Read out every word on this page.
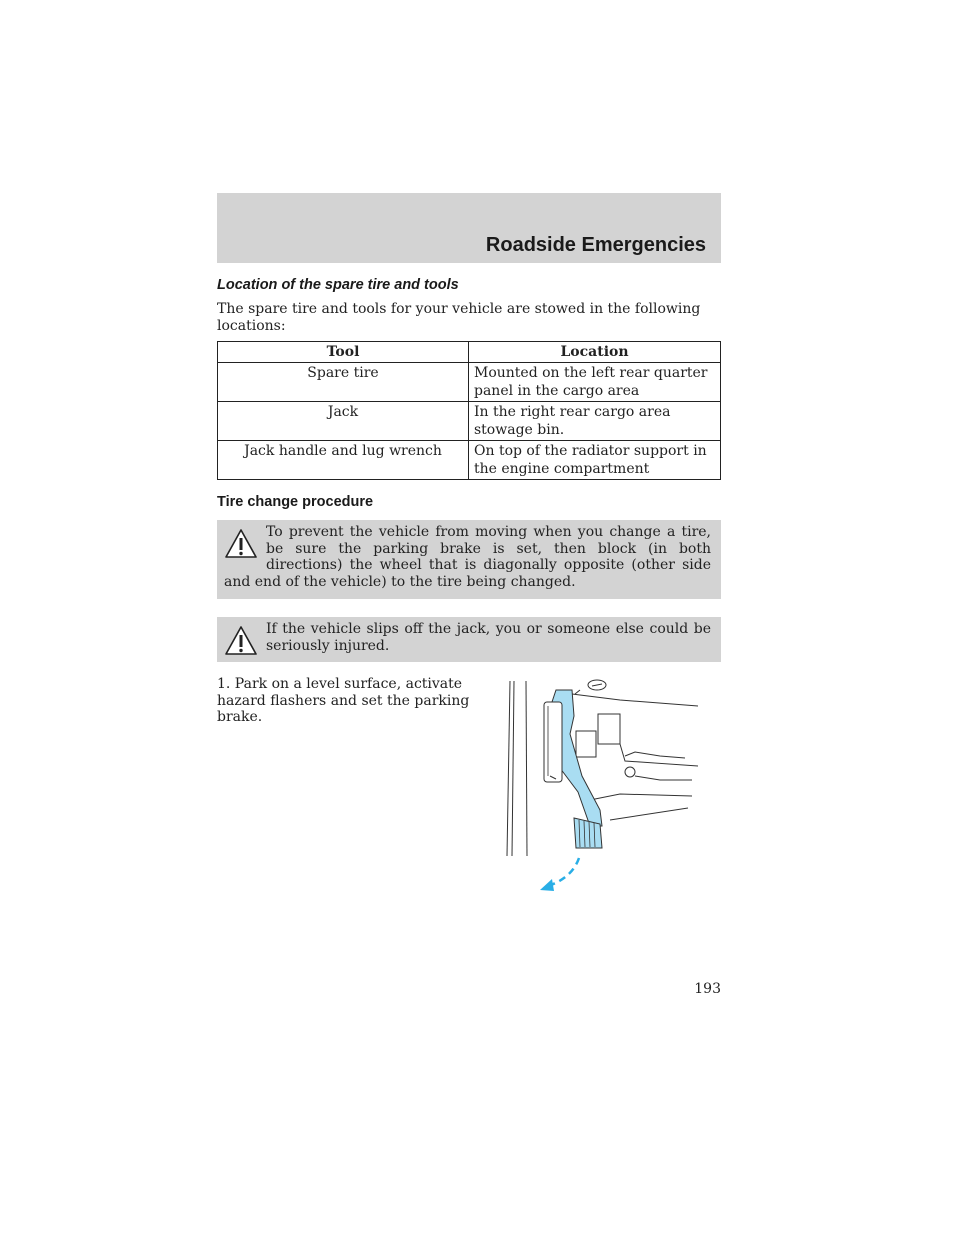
Roadside Emergencies
Location of the spare tire and tools
The spare tire and tools for your vehicle are stowed in the following locations:
Tool	Location
Spare tire	Mounted on the left rear quarter panel in the cargo area
Jack	In the right rear cargo area stowage bin.
Jack handle and lug wrench	On top of the radiator support in the engine compartment
Tire change procedure

To prevent the vehicle from moving when you change a tire, be sure the parking brake is set, then block (in both directions) the wheel that is diagonally opposite (other side and end of the vehicle) to the tire being changed.

If the vehicle slips off the jack, you or someone else could be seriously injured.

1. Park on a level surface, activate hazard flashers and set the parking brake.
193
